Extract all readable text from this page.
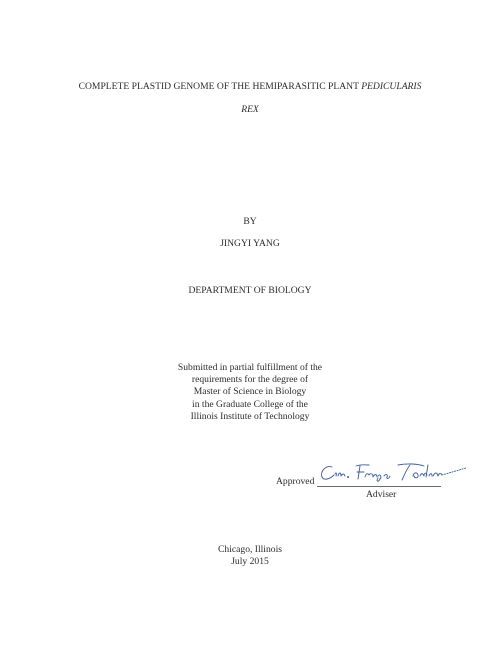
COMPLETE PLASTID GENOME OF THE HEMIPARASITIC PLANT PEDICULARIS
REX
BY
JINGYI YANG
DEPARTMENT OF BIOLOGY
Submitted in partial fulfillment of the
requirements for the degree of
Master of Science in Biology
in the Graduate College of the
Illinois Institute of Technology
Approved
Adviser
Chicago, Illinois
July 2015
